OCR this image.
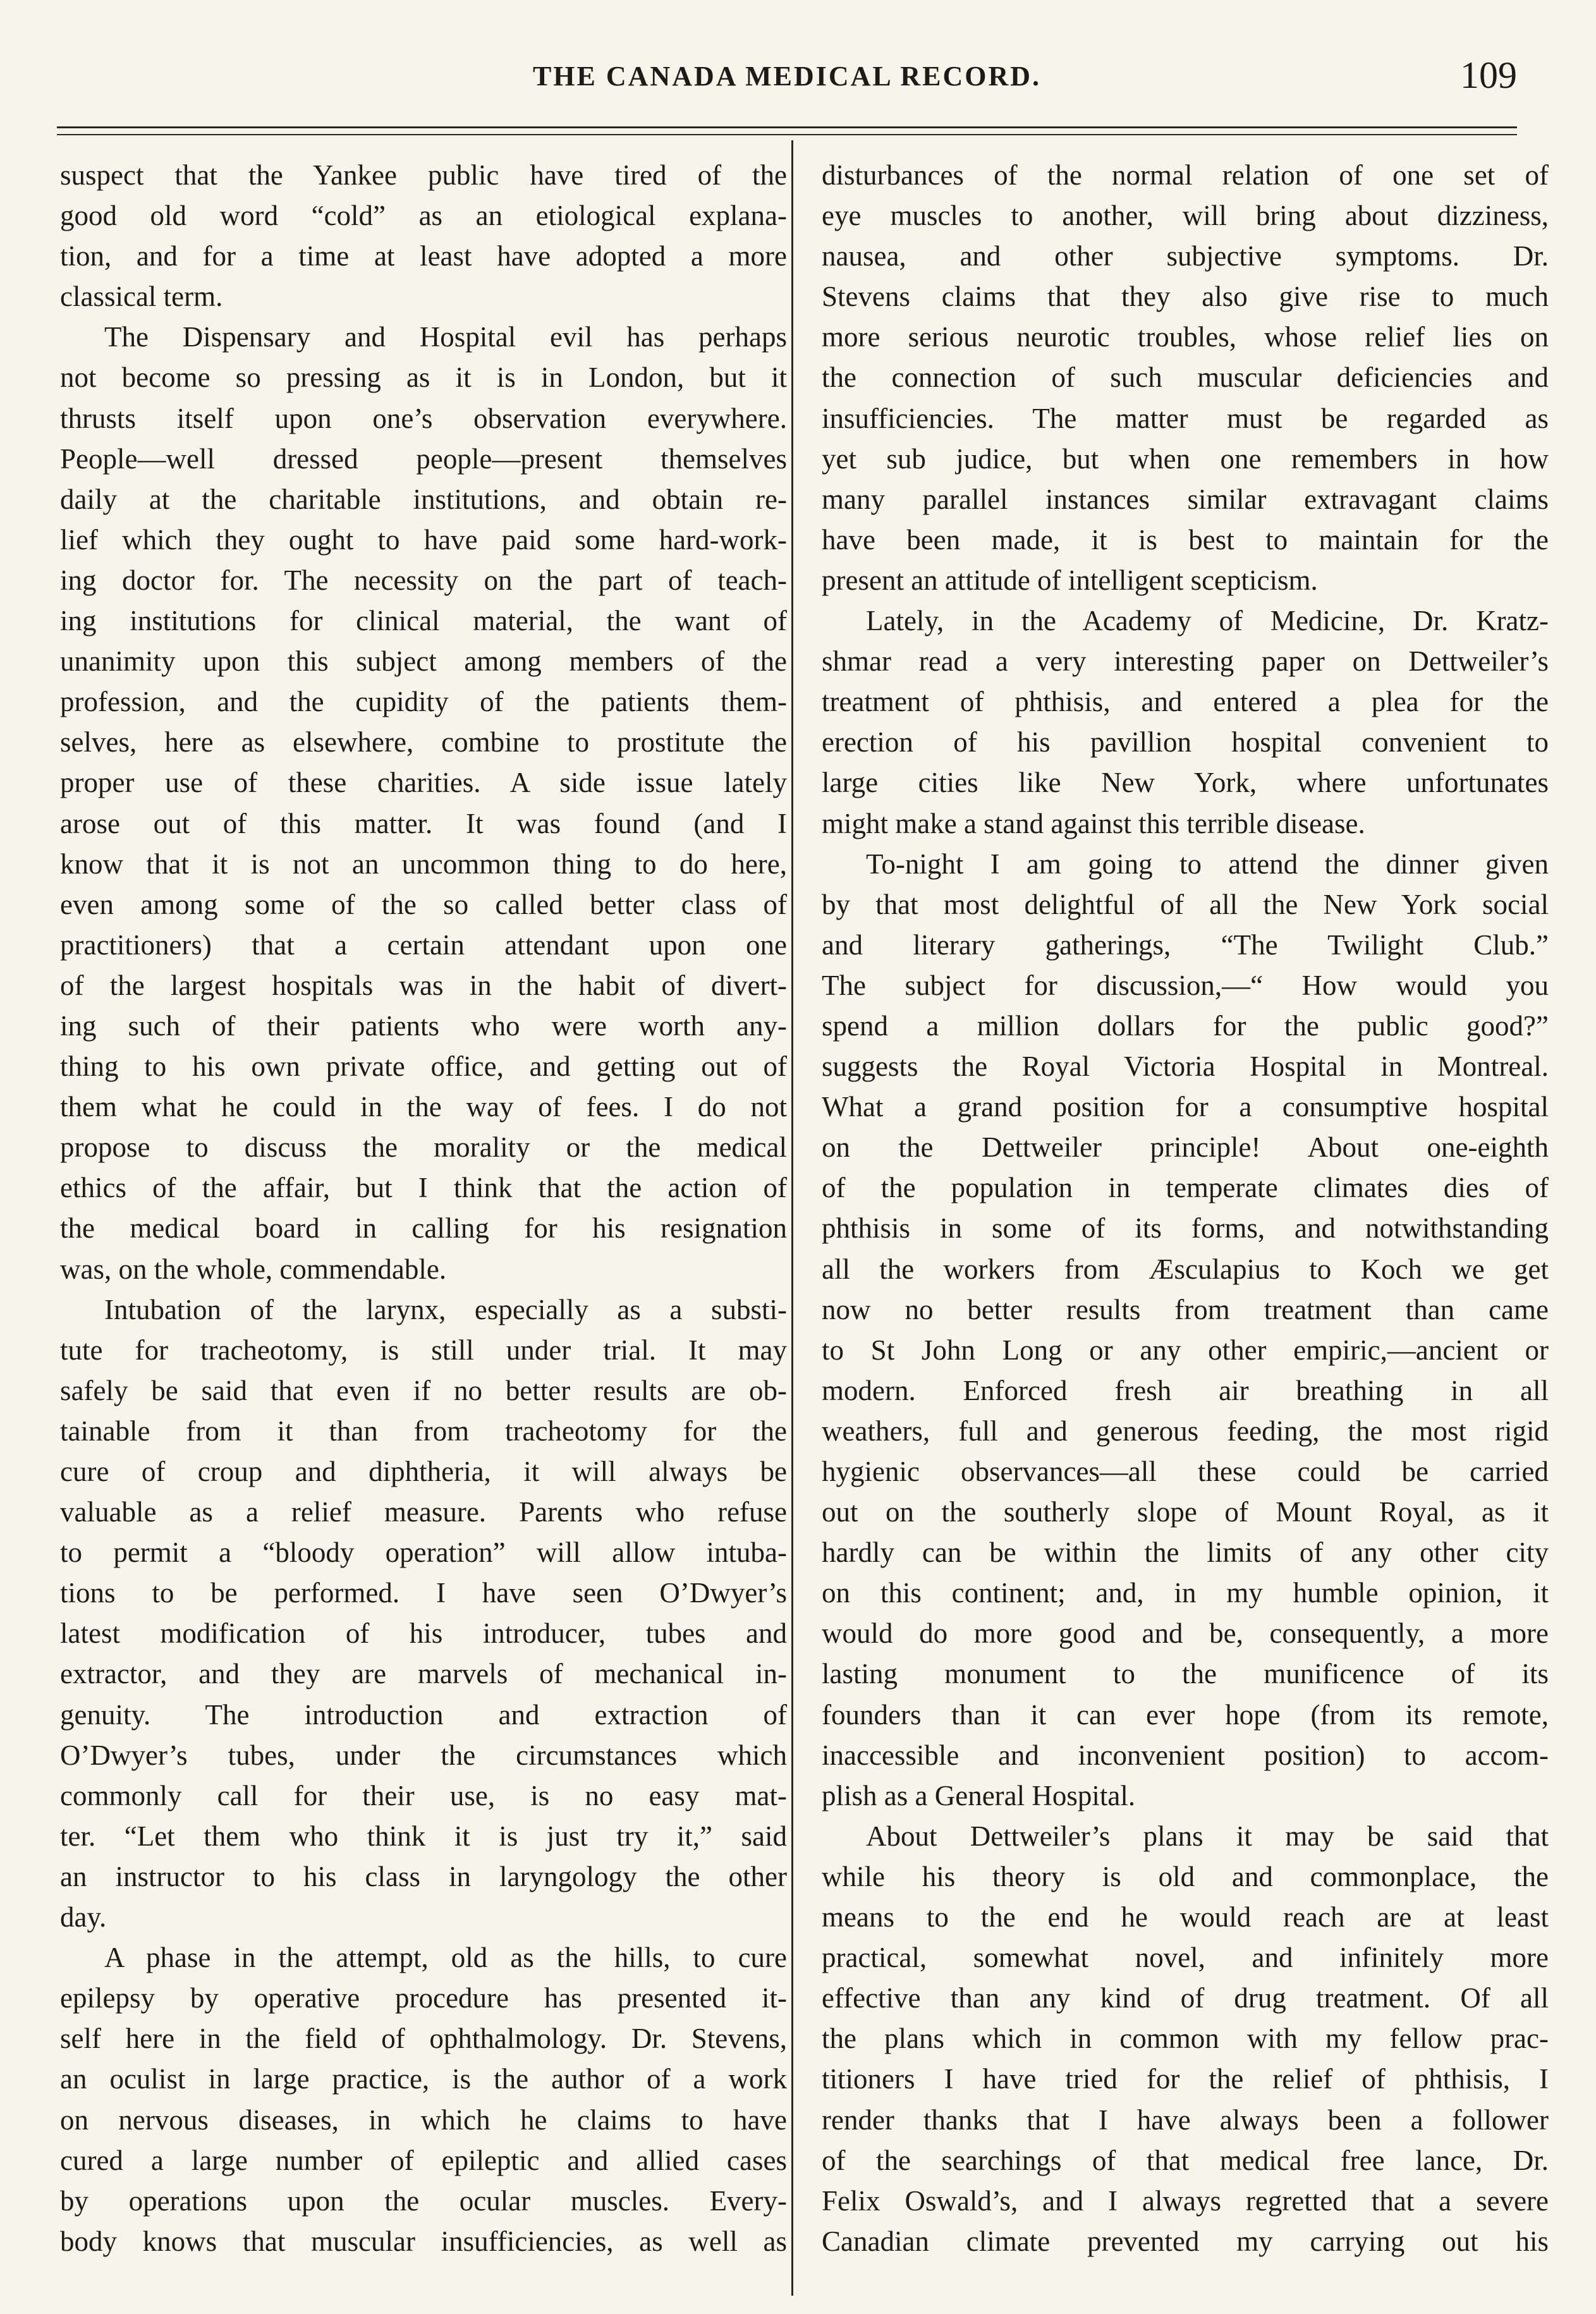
THE CANADA MEDICAL RECORD.	109
suspect that the Yankee public have tired of the
good old word “cold” as an etiological explana-
tion, and for a time at least have adopted a more
classical term.
The Dispensary and Hospital evil has perhaps
not become so pressing as it is in London, but it
thrusts itself upon one’s observation everywhere.
People—well dressed people—present themselves
daily at the charitable institutions, and obtain re-
lief which they ought to have paid some hard-work-
ing doctor for. The necessity on the part of teach-
ing institutions for clinical material, the want of
unanimity upon this subject among members of the
profession, and the cupidity of the patients them-
selves, here as elsewhere, combine to prostitute the
proper use of these charities. A side issue lately
arose out of this matter. It was found (and I
know that it is not an uncommon thing to do here,
even among some of the so called better class of
practitioners) that a certain attendant upon one
of the largest hospitals was in the habit of divert-
ing such of their patients who were worth any-
thing to his own private office, and getting out of
them what he could in the way of fees. I do not
propose to discuss the morality or the medical
ethics of the affair, but I think that the action of
the medical board in calling for his resignation
was, on the whole, commendable.
Intubation of the larynx, especially as a substi-
tute for tracheotomy, is still under trial. It may
safely be said that even if no better results are ob-
tainable from it than from tracheotomy for the
cure of croup and diphtheria, it will always be
valuable as a relief measure. Parents who refuse
to permit a “bloody operation” will allow intuba-
tions to be performed. I have seen O’Dwyer’s
latest modification of his introducer, tubes and
extractor, and they are marvels of mechanical in-
genuity. The introduction and extraction of
O’Dwyer’s tubes, under the circumstances which
commonly call for their use, is no easy mat-
ter. “Let them who think it is just try it,” said
an instructor to his class in laryngology the other
day.
A phase in the attempt, old as the hills, to cure
epilepsy by operative procedure has presented it-
self here in the field of ophthalmology. Dr. Stevens,
an oculist in large practice, is the author of a work
on nervous diseases, in which he claims to have
cured a large number of epileptic and allied cases
by operations upon the ocular muscles. Every-
body knows that muscular insufficiencies, as well as
disturbances of the normal relation of one set of
eye muscles to another, will bring about dizziness,
nausea, and other subjective symptoms. Dr.
Stevens claims that they also give rise to much
more serious neurotic troubles, whose relief lies on
the connection of such muscular deficiencies and
insufficiencies. The matter must be regarded as
yet sub judice, but when one remembers in how
many parallel instances similar extravagant claims
have been made, it is best to maintain for the
present an attitude of intelligent scepticism.
Lately, in the Academy of Medicine, Dr. Kratz-
shmar read a very interesting paper on Dettweiler’s
treatment of phthisis, and entered a plea for the
erection of his pavillion hospital convenient to
large cities like New York, where unfortunates
might make a stand against this terrible disease.
To-night I am going to attend the dinner given
by that most delightful of all the New York social
and literary gatherings, “The Twilight Club.”
The subject for discussion,—“ How would you
spend a million dollars for the public good?”
suggests the Royal Victoria Hospital in Montreal.
What a grand position for a consumptive hospital
on the Dettweiler principle! About one-eighth
of the population in temperate climates dies of
phthisis in some of its forms, and notwithstanding
all the workers from Æsculapius to Koch we get
now no better results from treatment than came
to St John Long or any other empiric,—ancient or
modern. Enforced fresh air breathing in all
weathers, full and generous feeding, the most rigid
hygienic observances—all these could be carried
out on the southerly slope of Mount Royal, as it
hardly can be within the limits of any other city
on this continent; and, in my humble opinion, it
would do more good and be, consequently, a more
lasting monument to the munificence of its
founders than it can ever hope (from its remote,
inaccessible and inconvenient position) to accom-
plish as a General Hospital.
About Dettweiler’s plans it may be said that
while his theory is old and commonplace, the
means to the end he would reach are at least
practical, somewhat novel, and infinitely more
effective than any kind of drug treatment. Of all
the plans which in common with my fellow prac-
titioners I have tried for the relief of phthisis, I
render thanks that I have always been a follower
of the searchings of that medical free lance, Dr.
Felix Oswald’s, and I always regretted that a severe
Canadian climate prevented my carrying out his
